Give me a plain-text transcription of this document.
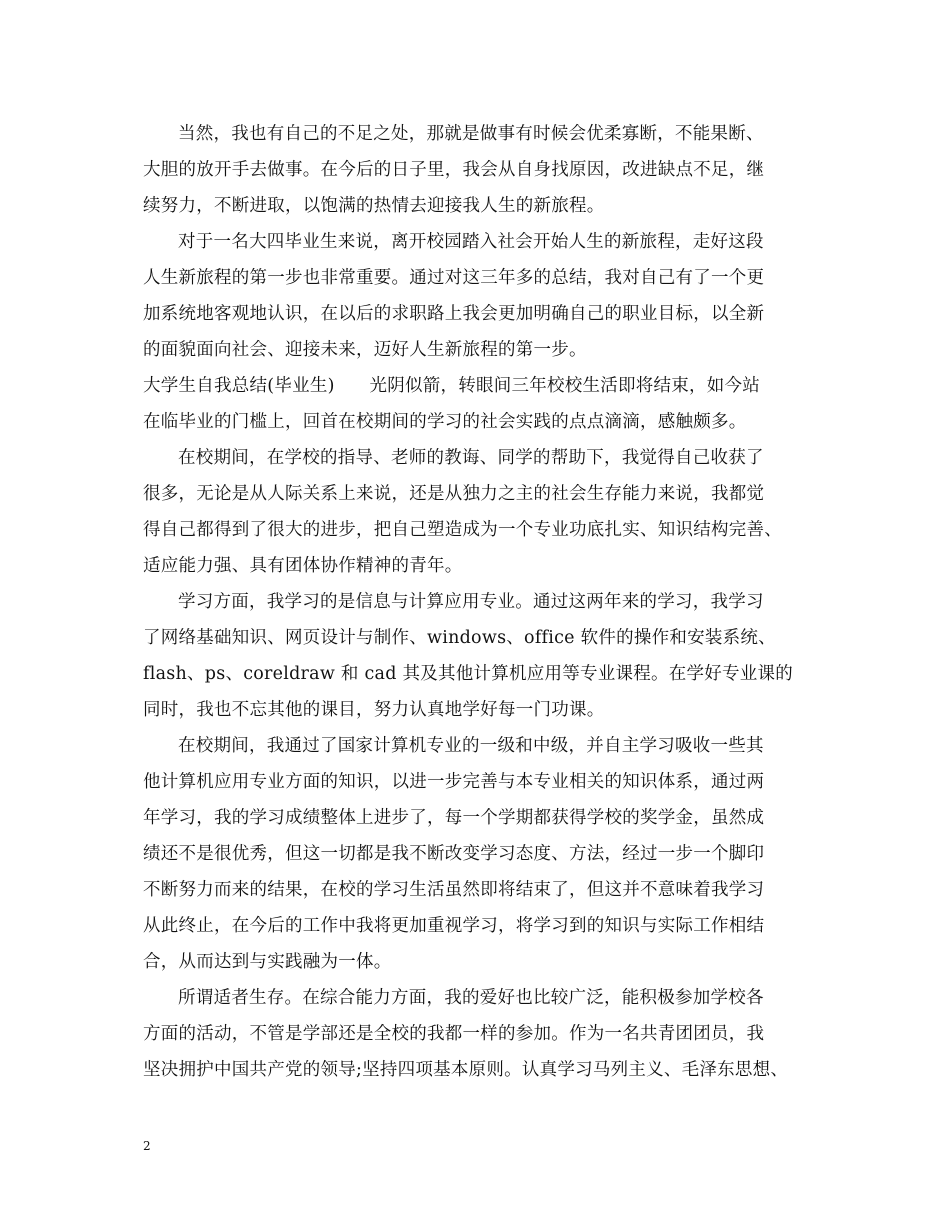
当然，我也有自己的不足之处，那就是做事有时候会优柔寡断，不能果断、
大胆的放开手去做事。在今后的日子里，我会从自身找原因，改进缺点不足，继
续努力，不断进取，以饱满的热情去迎接我人生的新旅程。
对于一名大四毕业生来说，离开校园踏入社会开始人生的新旅程，走好这段
人生新旅程的第一步也非常重要。通过对这三年多的总结，我对自己有了一个更
加系统地客观地认识，在以后的求职路上我会更加明确自己的职业目标，以全新
的面貌面向社会、迎接未来，迈好人生新旅程的第一步。
大学生自我总结(毕业生)      光阴似箭，转眼间三年校校生活即将结束，如今站
在临毕业的门槛上，回首在校期间的学习的社会实践的点点滴滴，感触颇多。
在校期间，在学校的指导、老师的教诲、同学的帮助下，我觉得自己收获了
很多，无论是从人际关系上来说，还是从独力之主的社会生存能力来说，我都觉
得自己都得到了很大的进步，把自己塑造成为一个专业功底扎实、知识结构完善、
适应能力强、具有团体协作精神的青年。
学习方面，我学习的是信息与计算应用专业。通过这两年来的学习，我学习
了网络基础知识、网页设计与制作、windows、office 软件的操作和安装系统、
flash、ps、coreldraw 和 cad 其及其他计算机应用等专业课程。在学好专业课的
同时，我也不忘其他的课目，努力认真地学好每一门功课。
在校期间，我通过了国家计算机专业的一级和中级，并自主学习吸收一些其
他计算机应用专业方面的知识，以进一步完善与本专业相关的知识体系，通过两
年学习，我的学习成绩整体上进步了，每一个学期都获得学校的奖学金，虽然成
绩还不是很优秀，但这一切都是我不断改变学习态度、方法，经过一步一个脚印
不断努力而来的结果，在校的学习生活虽然即将结束了，但这并不意味着我学习
从此终止，在今后的工作中我将更加重视学习，将学习到的知识与实际工作相结
合，从而达到与实践融为一体。
所谓适者生存。在综合能力方面，我的爱好也比较广泛，能积极参加学校各
方面的活动，不管是学部还是全校的我都一样的参加。作为一名共青团团员，我
坚决拥护中国共产党的领导;坚持四项基本原则。认真学习马列主义、毛泽东思想、
2
